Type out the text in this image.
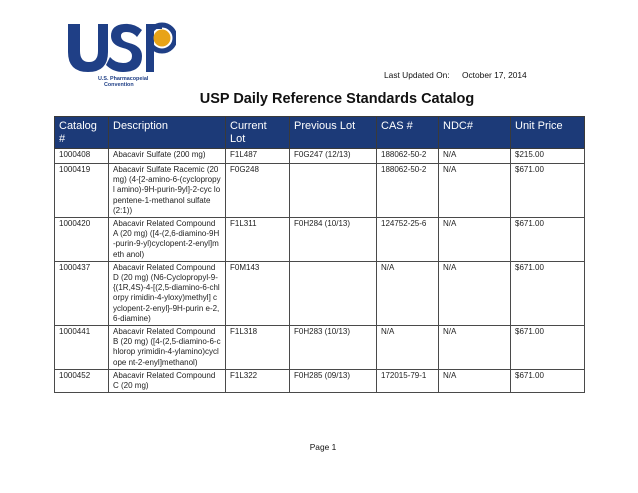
U.S. Pharmacopeial
Convention
Last Updated On: October 17, 2014
USP Daily Reference Standards Catalog
Catalog #	Description	Current Lot	Previous Lot	CAS #	NDC#	Unit Price
1000408	Abacavir Sulfate (200 mg)	F1L487	F0G247 (12/13)	188062-50-2	N/A	$215.00
1000419	Abacavir Sulfate Racemic (20 mg) (4-[2-amino-6-(cyclopropyl amino)-9H-purin-9yl]-2-cyc lopentene-1-methanol sulfate (2:1))	F0G248		188062-50-2	N/A	$671.00
1000420	Abacavir Related Compound A (20 mg) ([4-(2,6-diamino-9H-purin-9-yl)cyclopent-2-enyl]meth anol)	F1L311	F0H284 (10/13)	124752-25-6	N/A	$671.00
1000437	Abacavir Related Compound D (20 mg) (N6-Cyclopropyl-9-{(1R,4S)-4-[(2,5-diamino-6-chlorpy rimidin-4-yloxy)methyl] cyclopent-2-enyl}-9H-purin e-2,6-diamine)	F0M143		N/A	N/A	$671.00
1000441	Abacavir Related Compound B (20 mg) ([4-(2,5-diamino-6-chlorop yrimidin-4-ylamino)cyclope nt-2-enyl]methanol)	F1L318	F0H283 (10/13)	N/A	N/A	$671.00
1000452	Abacavir Related Compound C (20 mg)	F1L322	F0H285 (09/13)	172015-79-1	N/A	$671.00
Page 1
